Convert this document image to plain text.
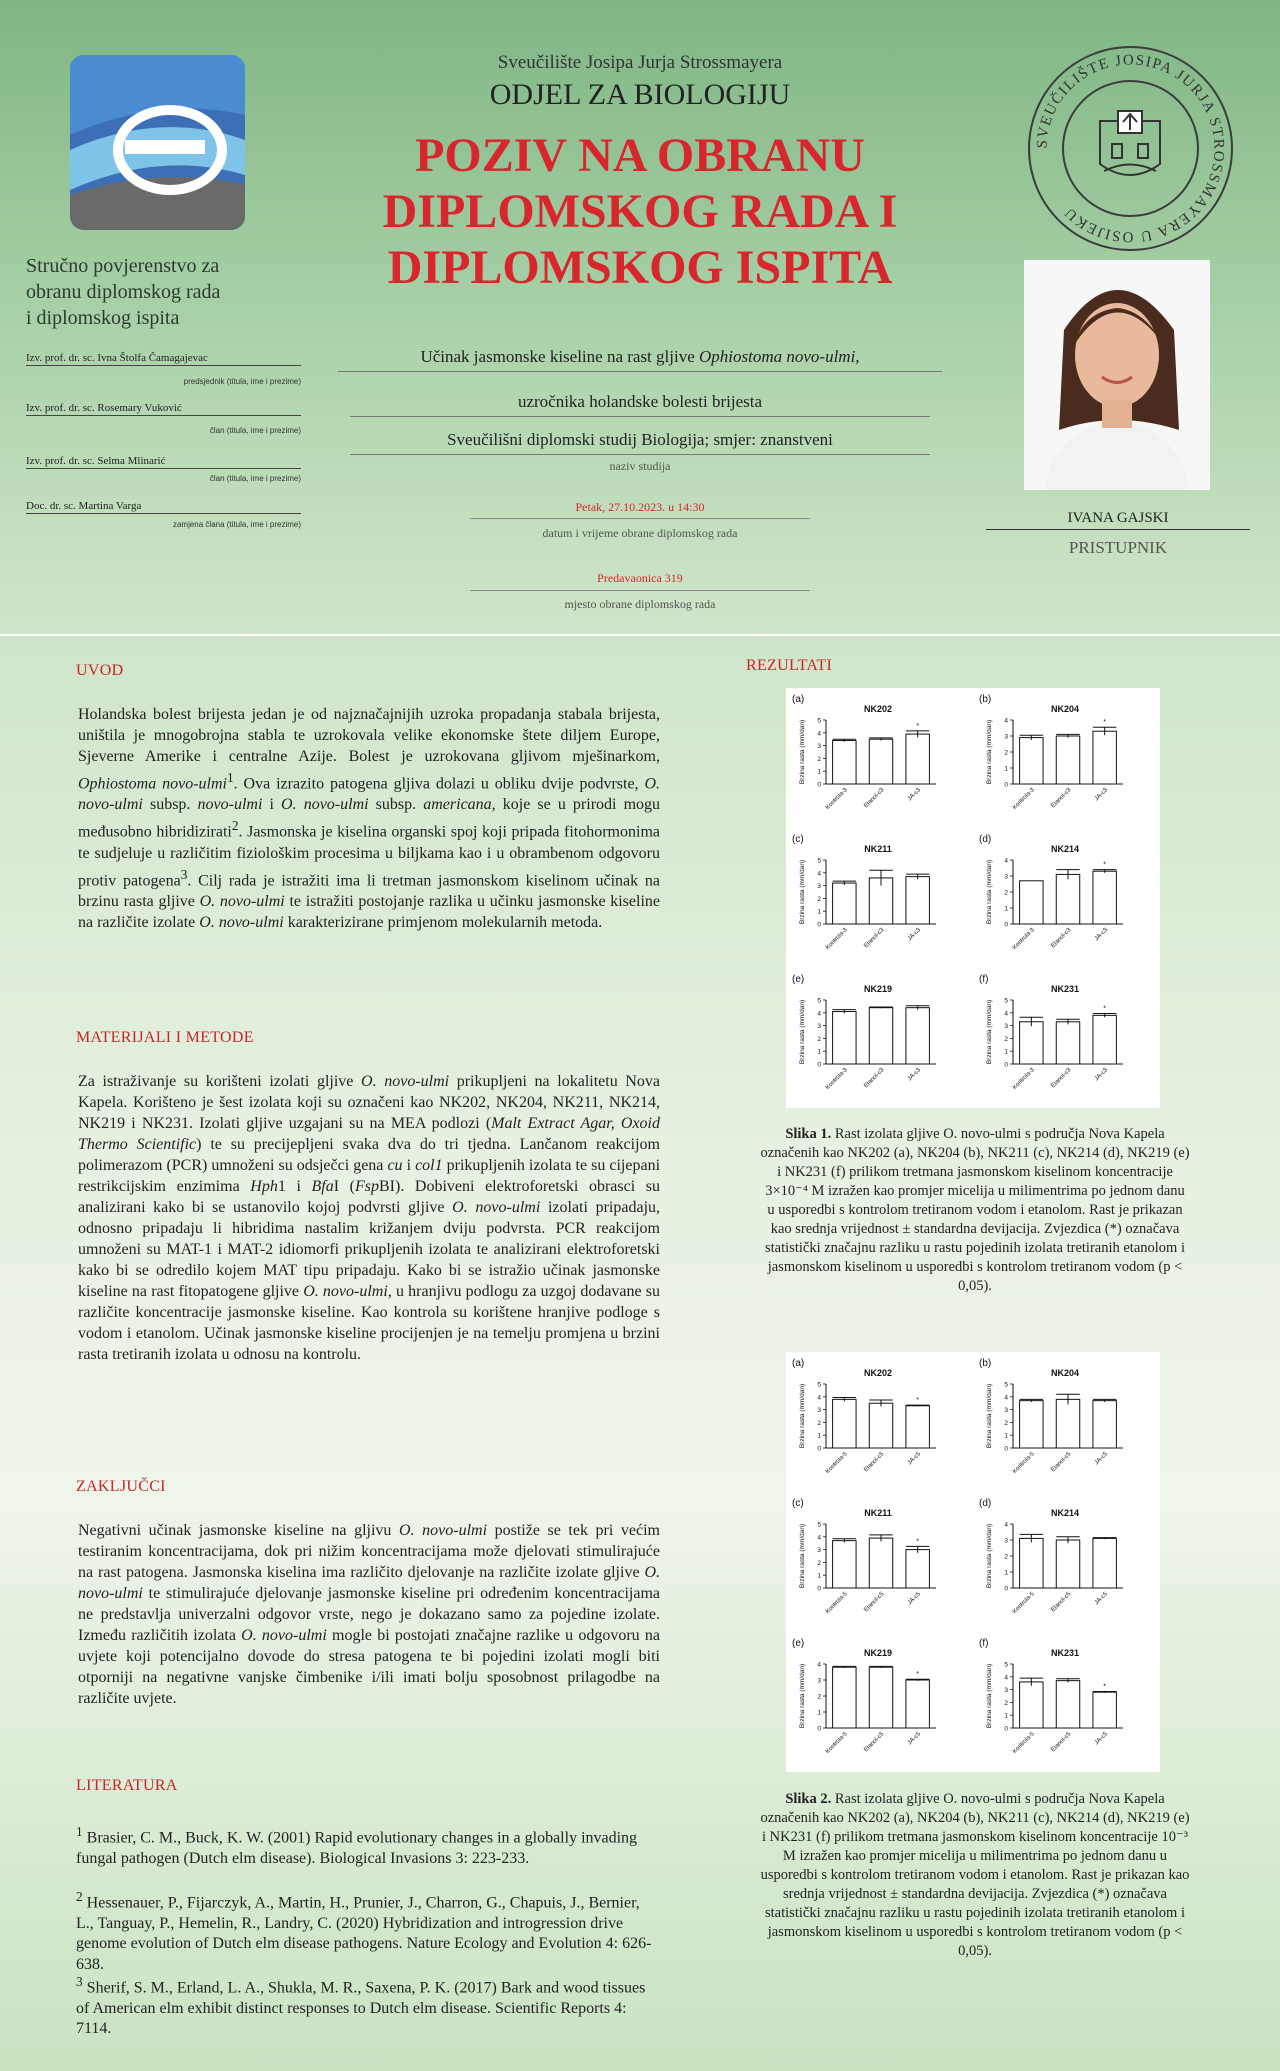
Stručno povjerenstvo za
obranu diplomskog rada
i diplomskog ispita
Izv. prof. dr. sc. Ivna Štolfa Čamagajevac
predsjednik (titula, ime i prezime)
Izv. prof. dr. sc. Rosemary Vuković
član (titula, ime i prezime)
Izv. prof. dr. sc. Selma Mlinarić
član (titula, ime i prezime)
Doc. dr. sc. Martina Varga
zamjena člana (titula, ime i prezime)
Sveučilište Josipa Jurja Strossmayera
ODJEL ZA BIOLOGIJU
POZIV NA OBRANU
DIPLOMSKOG RADA I
DIPLOMSKOG ISPITA
SVEUČILIŠTE JOSIPA JURJA STROSSMAYERA U OSIJEKU
IVANA GAJSKI
PRISTUPNIK
Učinak jasmonske kiseline na rast gljive Ophiostoma novo-ulmi,
uzročnika holandske bolesti brijesta
Sveučilišni diplomski studij Biologija; smjer: znanstveni
naziv studija
Petak, 27.10.2023. u 14:30
datum i vrijeme obrane diplomskog rada
Predavaonica 319
mjesto obrane diplomskog rada
UVOD
Holandska bolest brijesta jedan je od najznačajnijih uzroka propadanja stabala brijesta, uništila je mnogobrojna stabla te uzrokovala velike ekonomske štete diljem Europe, Sjeverne Amerike i centralne Azije. Bolest je uzrokovana gljivom mješinarkom, Ophiostoma novo-ulmi$^1$. Ova izrazito patogena gljiva dolazi u obliku dvije podvrste, O. novo-ulmi subsp. novo-ulmi i O. novo-ulmi subsp. americana, koje se u prirodi mogu međusobno hibridizirati$^2$. Jasmonska je kiselina organski spoj koji pripada fitohormonima te sudjeluje u različitim fiziološkim procesima u biljkama kao i u obrambenom odgovoru protiv patogena$^3$. Cilj rada je istražiti ima li tretman jasmonskom kiselinom učinak na brzinu rasta gljive O. novo-ulmi te istražiti postojanje razlika u učinku jasmonske kiseline na različite izolate O. novo-ulmi karakterizirane primjenom molekularnih metoda.
MATERIJALI I METODE
Za istraživanje su korišteni izolati gljive O. novo-ulmi prikupljeni na lokalitetu Nova Kapela. Korišteno je šest izolata koji su označeni kao NK202, NK204, NK211, NK214, NK219 i NK231. Izolati gljive uzgajani su na MEA podlozi (Malt Extract Agar, Oxoid Thermo Scientific) te su precijepljeni svaka dva do tri tjedna. Lančanom reakcijom polimerazom (PCR) umnoženi su odsječci gena cu i col1 prikupljenih izolata te su cijepani restrikcijskim enzimima Hph1 i BfaI (FspBI). Dobiveni elektroforetski obrasci su analizirani kako bi se ustanovilo kojoj podvrsti gljive O. novo-ulmi izolati pripadaju, odnosno pripadaju li hibridima nastalim križanjem dviju podvrsta. PCR reakcijom umnoženi su MAT-1 i MAT-2 idiomorfi prikupljenih izolata te analizirani elektroforetski kako bi se odredilo kojem MAT tipu pripadaju. Kako bi se istražio učinak jasmonske kiseline na rast fitopatogene gljive O. novo-ulmi, u hranjivu podlogu za uzgoj dodavane su različite koncentracije jasmonske kiseline. Kao kontrola su korištene hranjive podloge s vodom i etanolom. Učinak jasmonske kiseline procijenjen je na temelju promjena u brzini rasta tretiranih izolata u odnosu na kontrolu.
ZAKLJUČCI
Negativni učinak jasmonske kiseline na gljivu O. novo-ulmi postiže se tek pri većim testiranim koncentracijama, dok pri nižim koncentracijama može djelovati stimulirajuće na rast patogena. Jasmonska kiselina ima različito djelovanje na različite izolate gljive O. novo-ulmi te stimulirajuće djelovanje jasmonske kiseline pri određenim koncentracijama ne predstavlja univerzalni odgovor vrste, nego je dokazano samo za pojedine izolate. Između različitih izolata O. novo-ulmi mogle bi postojati značajne razlike u odgovoru na uvjete koji potencijalno dovode do stresa patogena te bi pojedini izolati mogli biti otporniji na negativne vanjske čimbenike i/ili imati bolju sposobnost prilagodbe na različite uvjete.
LITERATURA
$^1$ Brasier, C. M., Buck, K. W. (2001) Rapid evolutionary changes in a globally invading fungal pathogen (Dutch elm disease). Biological Invasions 3: 223-233.
$^2$ Hessenauer, P., Fijarczyk, A., Martin, H., Prunier, J., Charron, G., Chapuis, J., Bernier, L., Tanguay, P., Hemelin, R., Landry, C. (2020) Hybridization and introgression drive genome evolution of Dutch elm disease pathogens. Nature Ecology and Evolution 4: 626-638.
$^3$ Sherif, S. M., Erland, L. A., Shukla, M. R., Saxena, P. K. (2017) Bark and wood tissues of American elm exhibit distinct responses to Dutch elm disease. Scientific Reports 4: 7114.
REZULTATI
(a)
NK202
Brzina rasta (mm/dan)
0
1
2
3
4
5
Kontrola-3 Etanol-c3
*
JA-c3
(b)
NK204
Brzina rasta (mm/dan)
0
1
2
3
4
Kontrola-3 Etanol-c3
*
JA-c3
(c)
NK211
Brzina rasta (mm/dan)
0
1
2
3
4
5
Kontrola-3 Etanol-c3	JA-c3
(d)
NK214
Brzina rasta (mm/dan)
0
1
2
3
4
Kontrola-3 Etanol-c3
*
JA-c3
(e)
NK219
Brzina rasta (mm/dan)
0
1
2
3
4
5
Kontrola-3 Etanol-c3	JA-c3
(f)
NK231
Brzina rasta (mm/dan)
0
1
2
3
4
5
Kontrola-3 Etanol-c3
*
JA-c3
Slika 1. Rast izolata gljive O. novo-ulmi s područja Nova Kapela označenih kao NK202 (a), NK204 (b), NK211 (c), NK214 (d), NK219 (e) i NK231 (f) prilikom tretmana jasmonskom kiselinom koncentracije 3×10⁻⁴ M izražen kao promjer micelija u milimentrima po jednom danu u usporedbi s kontrolom tretiranom vodom i etanolom. Rast je prikazan kao srednja vrijednost ± standardna devijacija. Zvjezdica (*) označava statistički značajnu razliku u rastu pojedinih izolata tretiranih etanolom i jasmonskom kiselinom u usporedbi s kontrolom tretiranom vodom (p < 0,05).
(a)
NK202
Brzina rasta (mm/dan)
0
1
2
3
4
5
Kontrola-5 Etanol-c5
*
JA-c5
(b)
NK204
Brzina rasta (mm/dan)
0
1
2
3
4
5
Kontrola-5 Etanol-c5	JA-c5
(c)
NK211
Brzina rasta (mm/dan)
0
1
2
3
4
5
Kontrola-5 Etanol-c5
*
JA-c5
(d)
NK214
Brzina rasta (mm/dan)
0
1
2
3
4
Kontrola-5 Etanol-c5	JA-c5
(e)
NK219
Brzina rasta (mm/dan)
0
1
2
3
4
Kontrola-5 Etanol-c5
*
JA-c5
(f)
NK231
Brzina rasta (mm/dan)
0
1
2
3
4
5
Kontrola-5 Etanol-c5
*
JA-c5
Slika 2. Rast izolata gljive O. novo-ulmi s područja Nova Kapela označenih kao NK202 (a), NK204 (b), NK211 (c), NK214 (d), NK219 (e) i NK231 (f) prilikom tretmana jasmonskom kiselinom koncentracije 10⁻³ M izražen kao promjer micelija u milimentrima po jednom danu u usporedbi s kontrolom tretiranom vodom i etanolom. Rast je prikazan kao srednja vrijednost ± standardna devijacija. Zvjezdica (*) označava statistički značajnu razliku u rastu pojedinih izolata tretiranih etanolom i jasmonskom kiselinom u usporedbi s kontrolom tretiranom vodom (p < 0,05).
